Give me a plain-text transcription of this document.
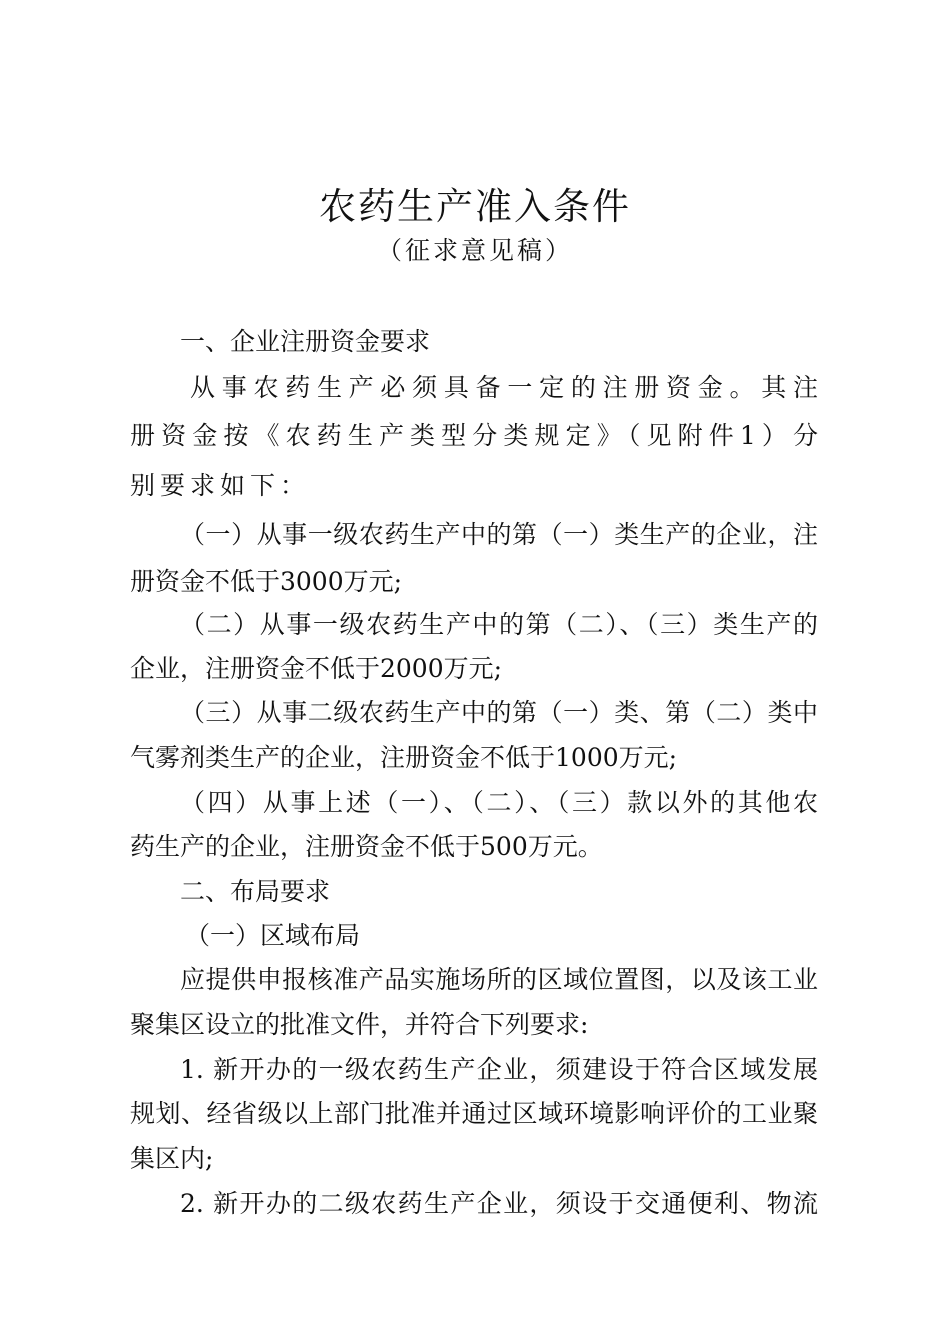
农药生产准入条件
（征求意见稿）
一、企业注册资金要求
从事农药生产必须具备一定的注册资金。其注
册资金按《农药生产类型分类规定》（见附件1）分
别要求如下：
（一）从事一级农药生产中的第（一）类生产的企业，注
册资金不低于3000万元;
（二）从事一级农药生产中的第（二）、（三）类生产的
企业，注册资金不低于2000万元;
（三）从事二级农药生产中的第（一）类、第（二）类中
气雾剂类生产的企业，注册资金不低于1000万元;
（四）从事上述（一）、（二）、（三）款以外的其他农
药生产的企业，注册资金不低于500万元。
二、布局要求
（一）区域布局
应提供申报核准产品实施场所的区域位置图，以及该工业
聚集区设立的批准文件，并符合下列要求:
1. 新开办的一级农药生产企业，须建设于符合区域发展
规划、经省级以上部门批准并通过区域环境影响评价的工业聚
集区内;
2. 新开办的二级农药生产企业，须设于交通便利、物流
